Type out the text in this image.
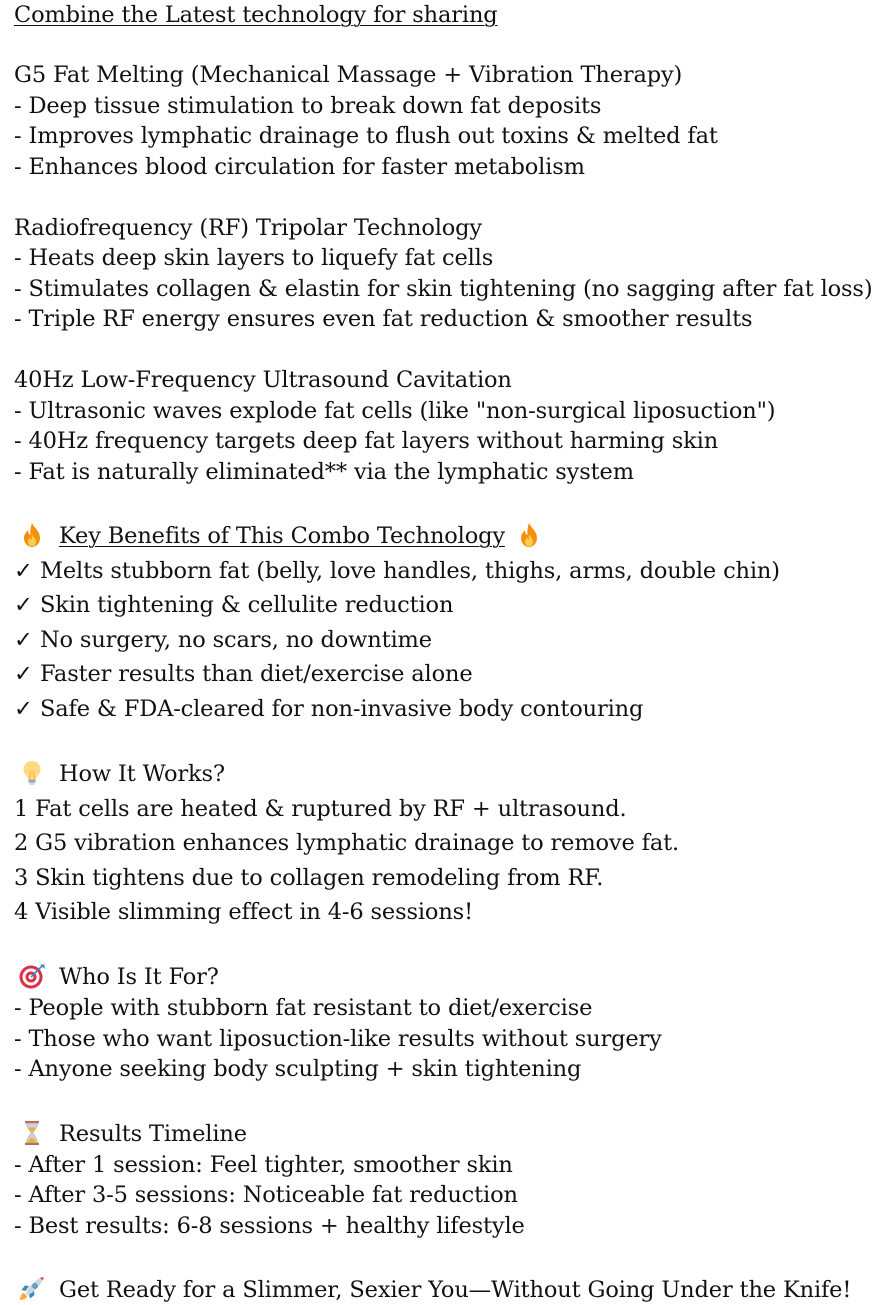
Combine the Latest technology for sharing
G5 Fat Melting (Mechanical Massage + Vibration Therapy)
- Deep tissue stimulation to break down fat deposits
- Improves lymphatic drainage to flush out toxins & melted fat
- Enhances blood circulation for faster metabolism
Radiofrequency (RF) Tripolar Technology
- Heats deep skin layers to liquefy fat cells
- Stimulates collagen & elastin for skin tightening (no sagging after fat loss)
- Triple RF energy ensures even fat reduction & smoother results
40Hz Low-Frequency Ultrasound Cavitation
- Ultrasonic waves explode fat cells (like "non-surgical liposuction")
- 40Hz frequency targets deep fat layers without harming skin
- Fat is naturally eliminated** via the lymphatic system
Key Benefits of This Combo Technology
✓ Melts stubborn fat (belly, love handles, thighs, arms, double chin)
✓ Skin tightening & cellulite reduction
✓ No surgery, no scars, no downtime
✓ Faster results than diet/exercise alone
✓ Safe & FDA-cleared for non-invasive body contouring
How It Works?
1 Fat cells are heated & ruptured by RF + ultrasound.
2 G5 vibration enhances lymphatic drainage to remove fat.
3 Skin tightens due to collagen remodeling from RF.
4 Visible slimming effect in 4-6 sessions!
Who Is It For?
- People with stubborn fat resistant to diet/exercise
- Those who want liposuction-like results without surgery
- Anyone seeking body sculpting + skin tightening
Results Timeline
- After 1 session: Feel tighter, smoother skin
- After 3-5 sessions: Noticeable fat reduction
- Best results: 6-8 sessions + healthy lifestyle
Get Ready for a Slimmer, Sexier You—Without Going Under the Knife!
